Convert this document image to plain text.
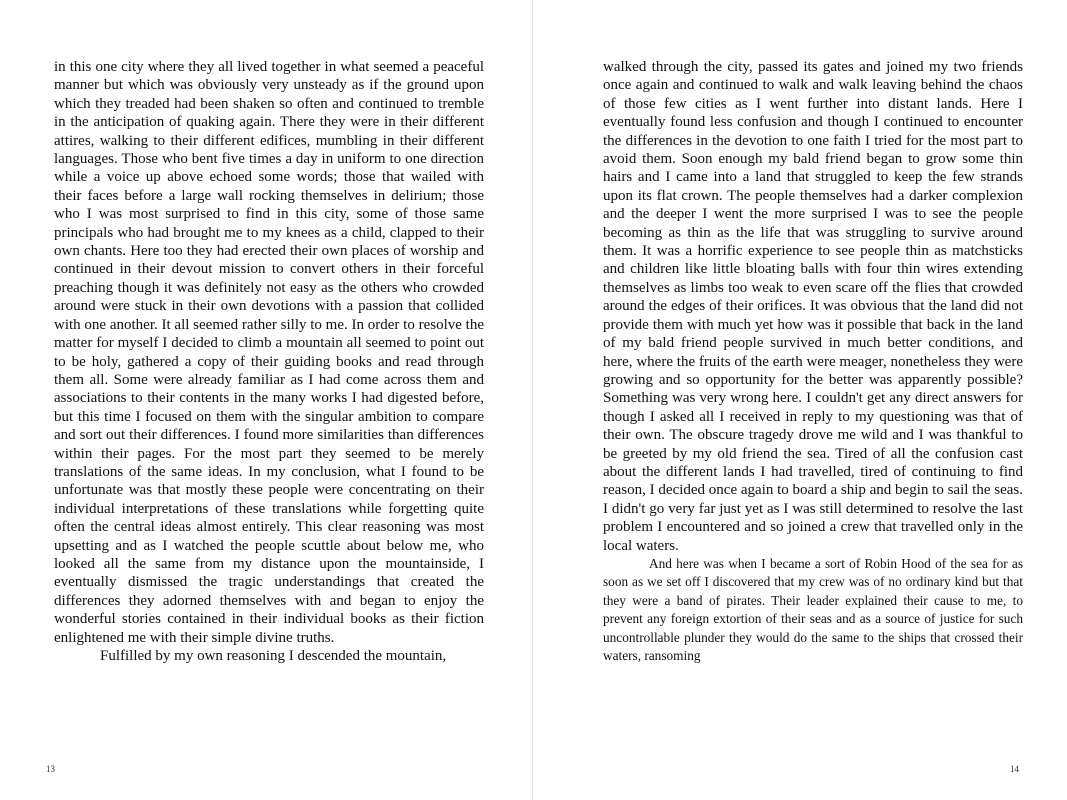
in this one city where they all lived together in what seemed a peaceful manner but which was obviously very unsteady as if the ground upon which they treaded had been shaken so often and continued to tremble in the anticipation of quaking again. There they were in their different attires, walking to their different edifices, mumbling in their different languages. Those who bent five times a day in uniform to one direction while a voice up above echoed some words; those that wailed with their faces before a large wall rocking themselves in delirium; those who I was most surprised to find in this city, some of those same principals who had brought me to my knees as a child, clapped to their own chants. Here too they had erected their own places of worship and continued in their devout mission to convert others in their forceful preaching though it was definitely not easy as the others who crowded around were stuck in their own devotions with a passion that collided with one another. It all seemed rather silly to me. In order to resolve the matter for myself I decided to climb a mountain all seemed to point out to be holy, gathered a copy of their guiding books and read through them all. Some were already familiar as I had come across them and associations to their contents in the many works I had digested before, but this time I focused on them with the singular ambition to compare and sort out their differences. I found more similarities than differences within their pages. For the most part they seemed to be merely translations of the same ideas. In my conclusion, what I found to be unfortunate was that mostly these people were concentrating on their individual interpretations of these translations while forgetting quite often the central ideas almost entirely. This clear reasoning was most upsetting and as I watched the people scuttle about below me, who looked all the same from my distance upon the mountainside, I eventually dismissed the tragic understandings that created the differences they adorned themselves with and began to enjoy the wonderful stories contained in their individual books as their fiction enlightened me with their simple divine truths.

Fulfilled by my own reasoning I descended the mountain,

13

walked through the city, passed its gates and joined my two friends once again and continued to walk and walk leaving behind the chaos of those few cities as I went further into distant lands. Here I eventually found less confusion and though I continued to encounter the differences in the devotion to one faith I tried for the most part to avoid them. Soon enough my bald friend began to grow some thin hairs and I came into a land that struggled to keep the few strands upon its flat crown. The people themselves had a darker complexion and the deeper I went the more surprised I was to see the people becoming as thin as the life that was struggling to survive around them. It was a horrific experience to see people thin as matchsticks and children like little bloating balls with four thin wires extending themselves as limbs too weak to even scare off the flies that crowded around the edges of their orifices. It was obvious that the land did not provide them with much yet how was it possible that back in the land of my bald friend people survived in much better conditions, and here, where the fruits of the earth were meager, nonetheless they were growing and so opportunity for the better was apparently possible? Something was very wrong here. I couldn't get any direct answers for though I asked all I received in reply to my questioning was that of their own. The obscure tragedy drove me wild and I was thankful to be greeted by my old friend the sea. Tired of all the confusion cast about the different lands I had travelled, tired of continuing to find reason, I decided once again to board a ship and begin to sail the seas. I didn't go very far just yet as I was still determined to resolve the last problem I encountered and so joined a crew that travelled only in the local waters.

And here was when I became a sort of Robin Hood of the sea for as soon as we set off I discovered that my crew was of no ordinary kind but that they were a band of pirates. Their leader explained their cause to me, to prevent any foreign extortion of their seas and as a source of justice for such uncontrollable plunder they would do the same to the ships that crossed their waters, ransoming

14
